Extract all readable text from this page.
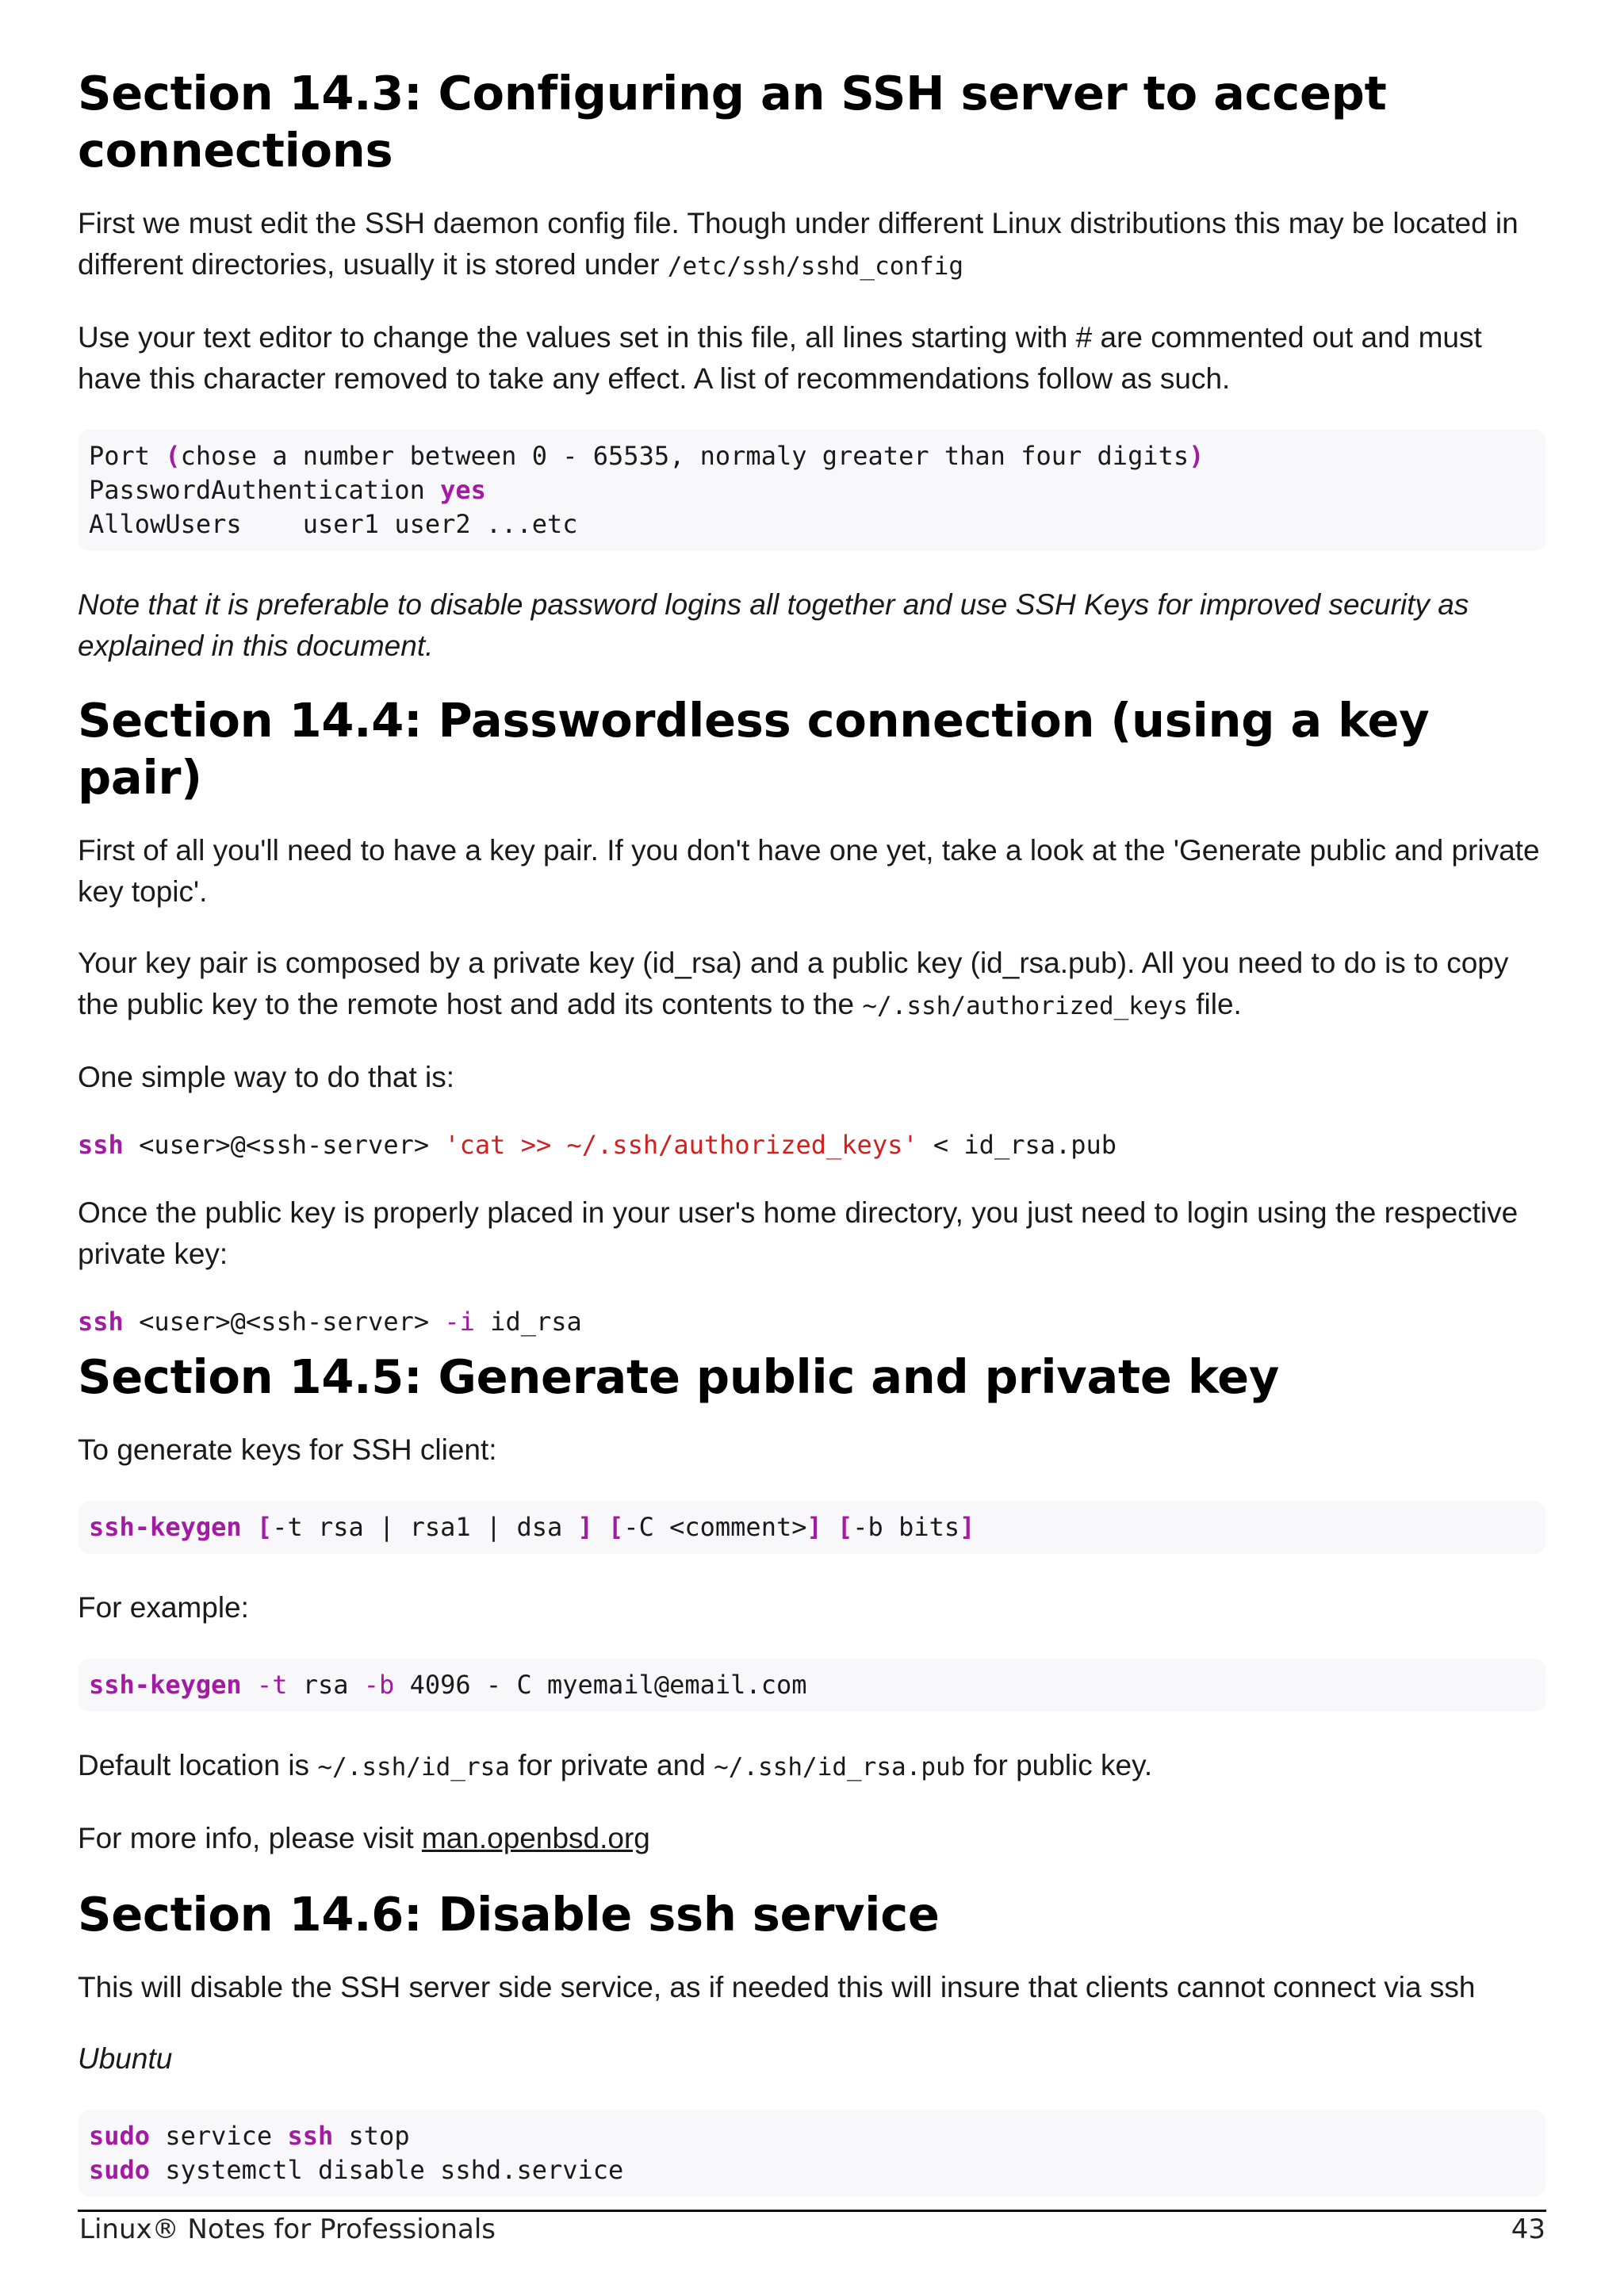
Section 14.3: Configuring an SSH server to accept connections

First we must edit the SSH daemon config file. Though under different Linux distributions this may be located in different directories, usually it is stored under /etc/ssh/sshd_config

Use your text editor to change the values set in this file, all lines starting with # are commented out and must have this character removed to take any effect. A list of recommendations follow as such.

Port (chose a number between 0 - 65535, normaly greater than four digits)
PasswordAuthentication yes
AllowUsers    user1 user2 ...etc

Note that it is preferable to disable password logins all together and use SSH Keys for improved security as explained in this document.

Section 14.4: Passwordless connection (using a key pair)

First of all you'll need to have a key pair. If you don't have one yet, take a look at the 'Generate public and private key topic'.

Your key pair is composed by a private key (id_rsa) and a public key (id_rsa.pub). All you need to do is to copy the public key to the remote host and add its contents to the ~/.ssh/authorized_keys file.

One simple way to do that is:

ssh <user>@<ssh-server> 'cat >> ~/.ssh/authorized_keys' < id_rsa.pub

Once the public key is properly placed in your user's home directory, you just need to login using the respective private key:

ssh <user>@<ssh-server> -i id_rsa
Section 14.5: Generate public and private key

To generate keys for SSH client:

ssh-keygen [-t rsa | rsa1 | dsa ] [-C <comment>] [-b bits]

For example:

ssh-keygen -t rsa -b 4096 - C myemail@email.com

Default location is ~/.ssh/id_rsa for private and ~/.ssh/id_rsa.pub for public key.

For more info, please visit man.openbsd.org

Section 14.6: Disable ssh service

This will disable the SSH server side service, as if needed this will insure that clients cannot connect via ssh

Ubuntu

sudo service ssh stop
sudo systemctl disable sshd.service
Linux® Notes for Professionals	43
